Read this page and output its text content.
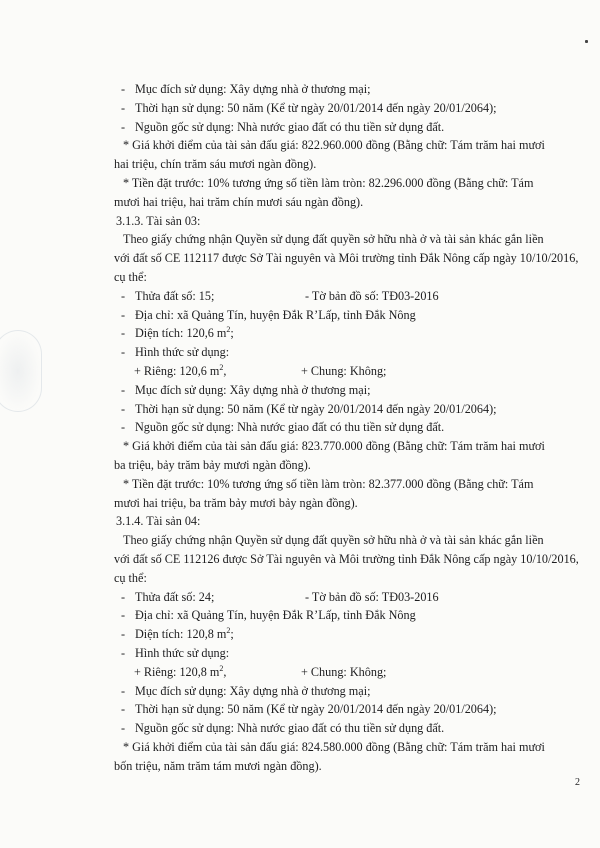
- Mục đích sử dụng: Xây dựng nhà ở thương mại;
- Thời hạn sử dụng: 50 năm (Kể từ ngày 20/01/2014 đến ngày 20/01/2064);
- Nguồn gốc sử dụng: Nhà nước giao đất có thu tiền sử dụng đất.
* Giá khởi điểm của tài sản đấu giá: 822.960.000 đồng (Bằng chữ: Tám trăm hai mươi
hai triệu, chín trăm sáu mươi ngàn đồng).
* Tiền đặt trước: 10% tương ứng số tiền làm tròn: 82.296.000 đồng (Bằng chữ: Tám
mươi hai triệu, hai trăm chín mươi sáu ngàn đồng).
3.1.3. Tài sản 03:
Theo giấy chứng nhận Quyền sử dụng đất quyền sở hữu nhà ở và tài sản khác gắn liền
với đất số CE 112117 được Sở Tài nguyên và Môi trường tỉnh Đắk Nông cấp ngày 10/10/2016,
cụ thể:
- Thửa đất số: 15;	- Tờ bản đồ số: TĐ03-2016
- Địa chỉ: xã Quảng Tín, huyện Đắk R’Lấp, tỉnh Đắk Nông
- Diện tích: 120,6 $m^2$;
- Hình thức sử dụng:
+ Riêng: 120,6 $m^2$,	+ Chung: Không;
- Mục đích sử dụng: Xây dựng nhà ở thương mại;
- Thời hạn sử dụng: 50 năm (Kể từ ngày 20/01/2014 đến ngày 20/01/2064);
- Nguồn gốc sử dụng: Nhà nước giao đất có thu tiền sử dụng đất.
* Giá khởi điểm của tài sản đấu giá: 823.770.000 đồng (Bằng chữ: Tám trăm hai mươi
ba triệu, bảy trăm bảy mươi ngàn đồng).
* Tiền đặt trước: 10% tương ứng số tiền làm tròn: 82.377.000 đồng (Bằng chữ: Tám
mươi hai triệu, ba trăm bảy mươi bảy ngàn đồng).
3.1.4. Tài sản 04:
Theo giấy chứng nhận Quyền sử dụng đất quyền sở hữu nhà ở và tài sản khác gắn liền
với đất số CE 112126 được Sở Tài nguyên và Môi trường tỉnh Đắk Nông cấp ngày 10/10/2016,
cụ thể:
- Thửa đất số: 24;	- Tờ bản đồ số: TĐ03-2016
- Địa chỉ: xã Quảng Tín, huyện Đắk R’Lấp, tỉnh Đắk Nông
- Diện tích: 120,8 $m^2$;
- Hình thức sử dụng:
+ Riêng: 120,8 $m^2$,	+ Chung: Không;
- Mục đích sử dụng: Xây dựng nhà ở thương mại;
- Thời hạn sử dụng: 50 năm (Kể từ ngày 20/01/2014 đến ngày 20/01/2064);
- Nguồn gốc sử dụng: Nhà nước giao đất có thu tiền sử dụng đất.
* Giá khởi điểm của tài sản đấu giá: 824.580.000 đồng (Bằng chữ: Tám trăm hai mươi
bốn triệu, năm trăm tám mươi ngàn đồng).
2
